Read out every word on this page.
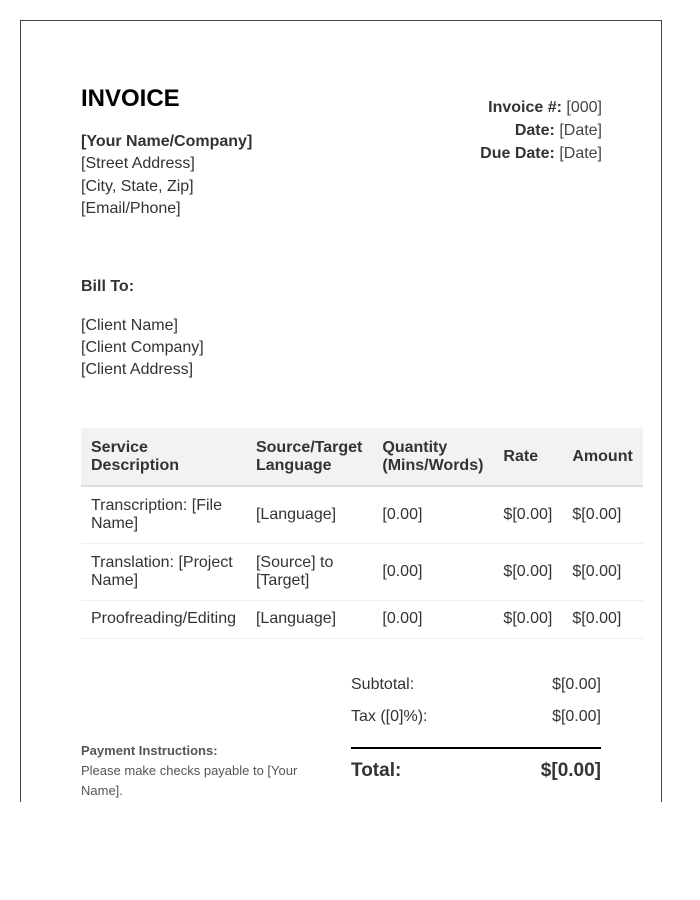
INVOICE
[Your Name/Company]
[Street Address]
[City, State, Zip]
[Email/Phone]
Invoice #: [000]
Date: [Date]
Due Date: [Date]
Bill To:
[Client Name]
[Client Company]
[Client Address]
Service Description	Source/Target Language	Quantity (Mins/Words)	Rate	Amount
Transcription: [File Name]	[Language]	[0.00]	$[0.00]	$[0.00]
Translation: [Project Name]	[Source] to [Target]	[0.00]	$[0.00]	$[0.00]
Proofreading/Editing	[Language]	[0.00]	$[0.00]	$[0.00]
Subtotal:	$[0.00]
Tax ([0]%):	$[0.00]
Total:	$[0.00]
Payment Instructions:
Please make checks payable to [Your Name].
